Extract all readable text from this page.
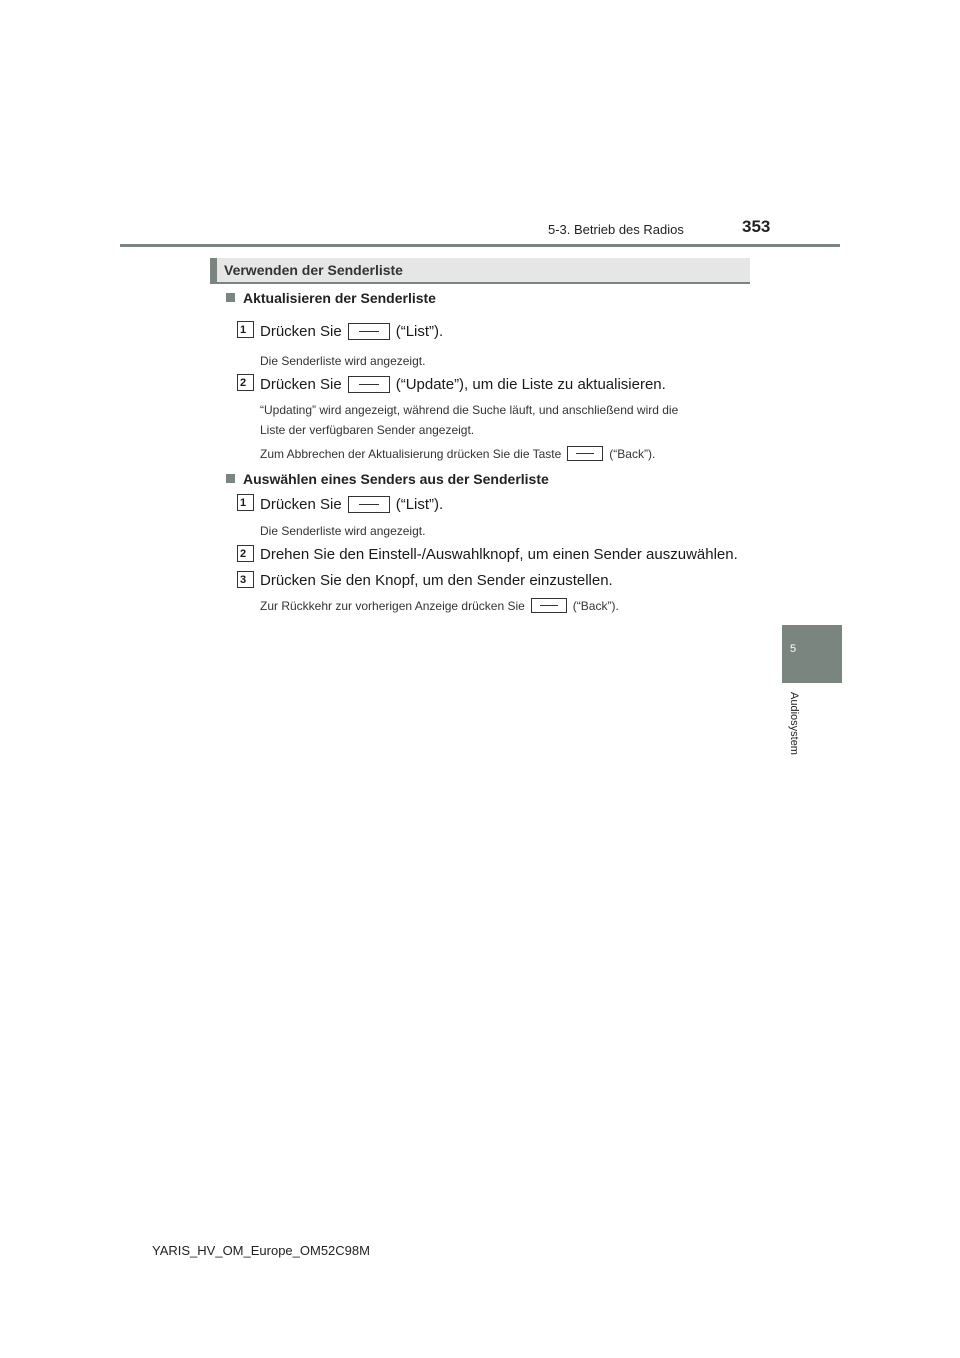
5-3. Betrieb des Radios	353
5
Audiosystem
Verwenden der Senderliste
Aktualisieren der Senderliste
1 Drücken Sie	(“List”).
Die Senderliste wird angezeigt.
2 Drücken Sie	(“Update”), um die Liste zu aktualisieren.
“Updating” wird angezeigt, während die Suche läuft, und anschließend wird die
Liste der verfügbaren Sender angezeigt.
Zum Abbrechen der Aktualisierung drücken Sie die Taste	(“Back”).
Auswählen eines Senders aus der Senderliste
1 Drücken Sie	(“List”).
Die Senderliste wird angezeigt.
2 Drehen Sie den Einstell-/Auswahlknopf, um einen Sender auszuwählen.
3 Drücken Sie den Knopf, um den Sender einzustellen.
Zur Rückkehr zur vorherigen Anzeige drücken Sie	(“Back”).
YARIS_HV_OM_Europe_OM52C98M
